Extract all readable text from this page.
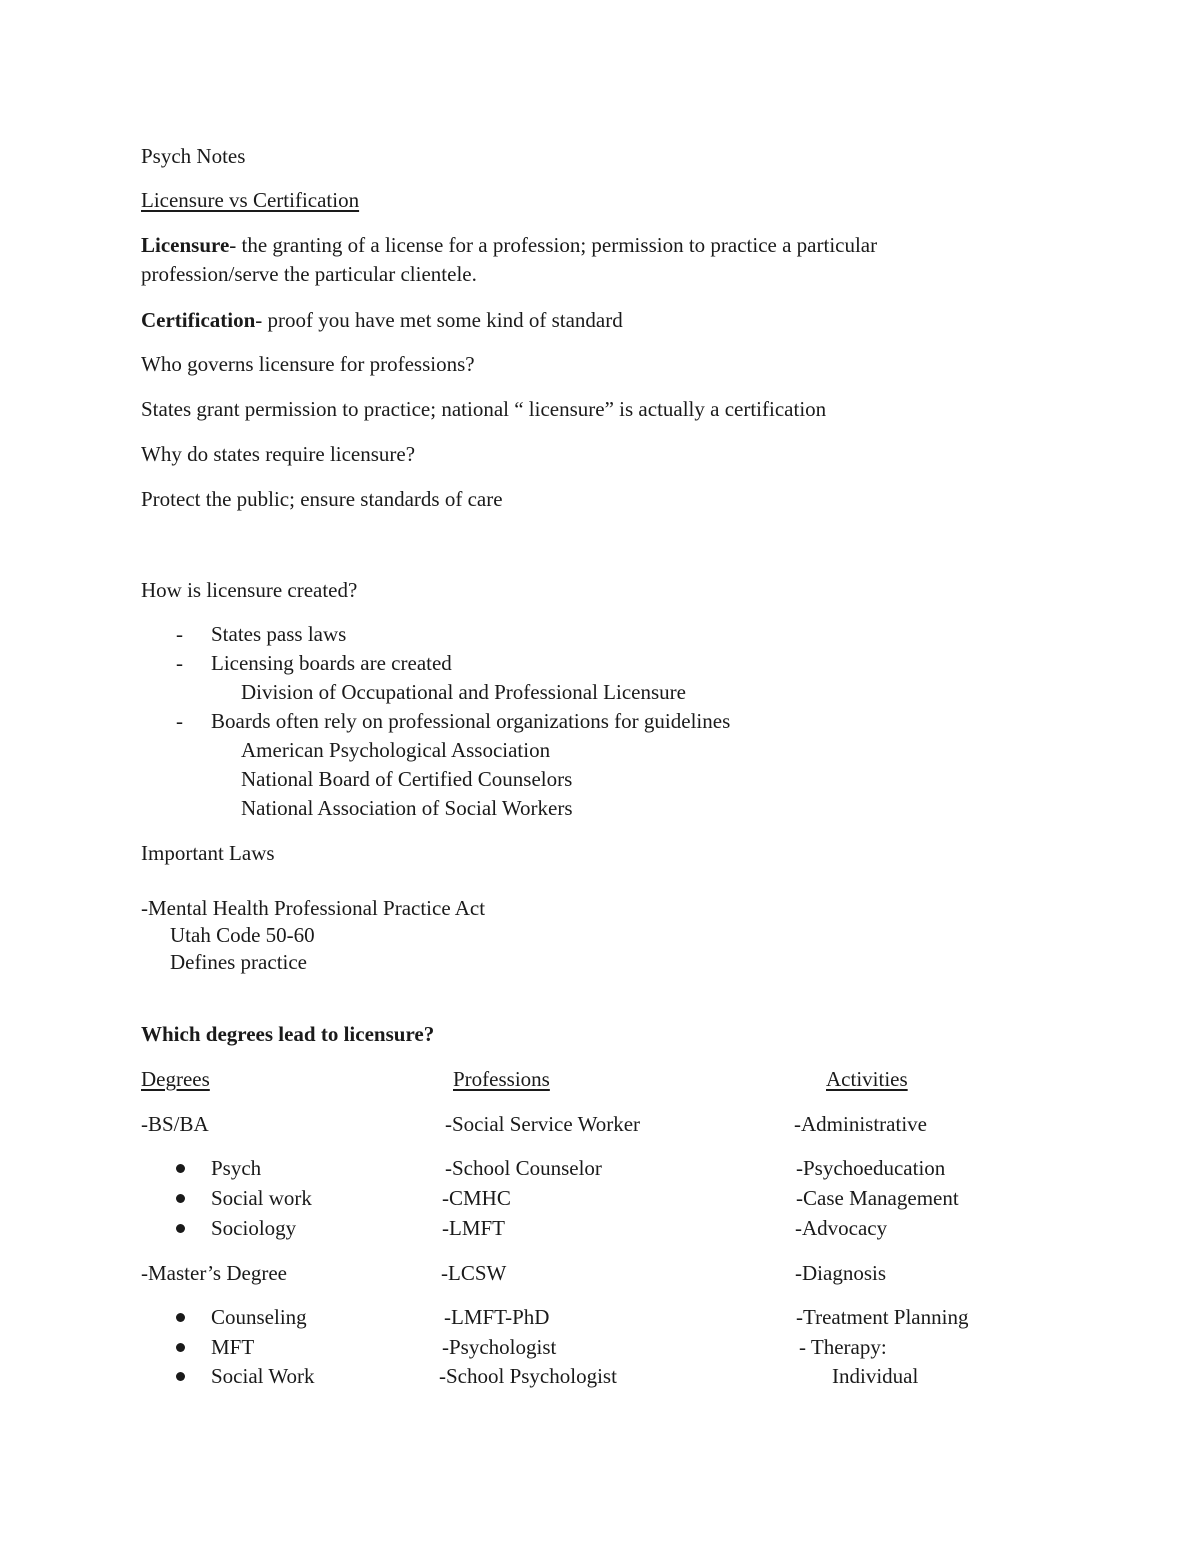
Psych Notes
Licensure vs Certification
Licensure- the granting of a license for a profession; permission to practice a particular
profession/serve the particular clientele.
Certification- proof you have met some kind of standard
Who governs licensure for professions?
States grant permission to practice; national “ licensure” is actually a certification
Why do states require licensure?
Protect the public; ensure standards of care
How is licensure created?
- States pass laws
- Licensing boards are created
Division of Occupational and Professional Licensure
- Boards often rely on professional organizations for guidelines
American Psychological Association
National Board of Certified Counselors
National Association of Social Workers
Important Laws
-Mental Health Professional Practice Act
Utah Code 50-60
Defines practice
Which degrees lead to licensure?
Degrees	Professions	Activities
-BS/BA
Psych
Social work
Sociology
-Master’s Degree
Counseling
MFT
Social Work
-Social Service Worker
-School Counselor
-CMHC
-LMFT
-LCSW
-LMFT-PhD
-Psychologist
-School Psychologist
-Administrative
-Psychoeducation
-Case Management
-Advocacy
-Diagnosis
-Treatment Planning
- Therapy:
Individual
